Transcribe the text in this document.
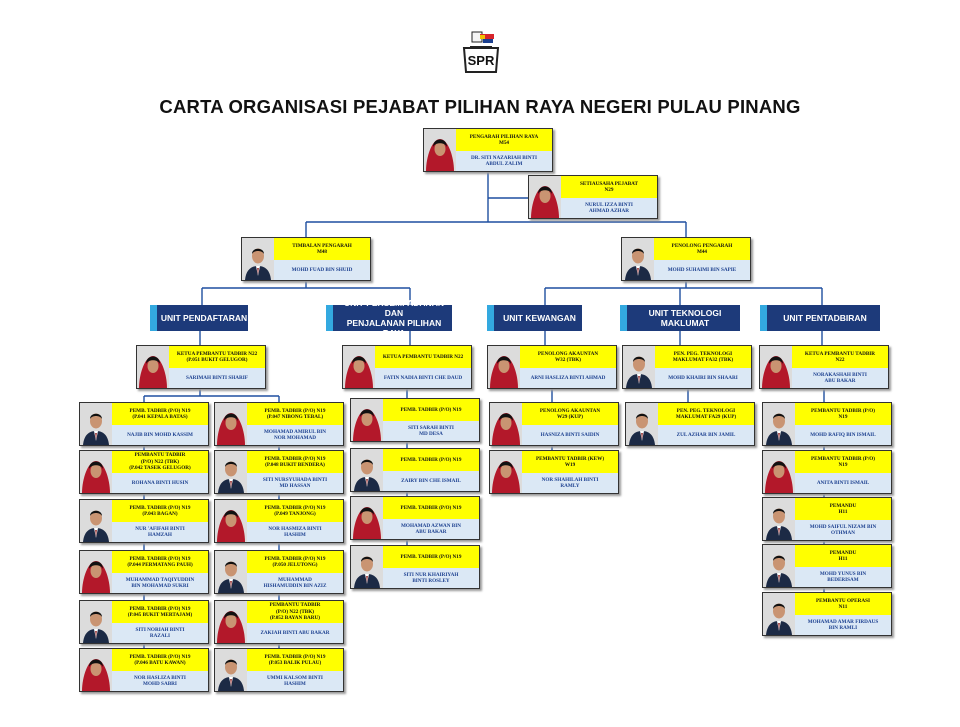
SPR
CARTA ORGANISASI PEJABAT PILIHAN RAYA NEGERI PULAU PINANG
PENGARAH PILIHAN RAYA
M54
DR. SITI NAZARIAH BINTI
ABDUL ZALIM
SETIAUSAHA PEJABAT
N29
NURUL IZZA BINTI
AHMAD AZHAR
TIMBALAN PENGARAH
M48
MOHD FUAD BIN SHUID
PENOLONG PENGARAH
M44
MOHD SUHAIMI BIN SAPIE
KETUA PEMBANTU TADBIR N22
(P.051 BUKIT GELUGOR)
SARIMAH BINTI SHARIF
KETUA PEMBANTU TADBIR N22
FATIN NADIA BINTI CHE DAUD
PENOLONG AKAUNTAN
W32 (TBK)
ARNI HASLIZA BINTI AHMAD
PEN. PEG. TEKNOLOGI
MAKLUMAT FA32 (TBK)
MOHD KHAIRI BIN SHAARI
KETUA PEMBANTU TADBIR
N22
NORAKASHAH BINTI
ABU BAKAR
PEMB. TADBIR (P/O) N19
(P.041 KEPALA BATAS)
NAJIB BIN MOHD KASSIM
PEMBANTU TADBIR
(P/O) N22 (TBK)
(P.042 TASEK GELUGOR)
ROHANA BINTI HUSIN
PEMB. TADBIR (P/O) N19
(P.043 BAGAN)
NUR 'AFIFAH BINTI
HAMZAH
PEMB. TADBIR (P/O) N19
(P.044 PERMATANG PAUH)
MUHAMMAD TAQIYUDDIN
BIN MOHAMAD SUKRI
PEMB. TADBIR (P/O) N19
(P.045 BUKIT MERTAJAM)
SITI NORIAH BINTI
RAZALI
PEMB. TADBIR (P/O) N19
(P.046 BATU KAWAN)
NOR HASLIZA BINTI
MOHD SABRI
PEMB. TADBIR (P/O) N19
(P.047 NIBONG TEBAL)
MOHAMAD AMIRUL BIN
NOR MOHAMAD
PEMB. TADBIR (P/O) N19
(P.048 BUKIT BENDERA)
SITI NURSYUHADA BINTI
MD HASSAN
PEMB. TADBIR (P/O) N19
(P.049 TANJONG)
NOR HASMIZA BINTI
HASHIM
PEMB. TADBIR (P/O) N19
(P.050 JELUTONG)
MUHAMMAD
HISHAMUDDIN BIN AZIZ
PEMBANTU TADBIR
(P/O) N22 (TBK)
(P.052 BAYAN BARU)
ZAKIAH BINTI ABU BAKAR
PEMB. TADBIR (P/O) N19
(P.053 BALIK PULAU)
UMMI KALSOM BINTI
HASHIM
PEMB. TADBIR (P/O) N19
SITI SARAH BINTI
MD DESA
PEMB. TADBIR (P/O) N19
ZAIRY BIN CHE ISMAIL
PEMB. TADBIR (P/O) N19
MOHAMAD AZWAN BIN
ABU BAKAR
PEMB. TADBIR (P/O) N19
SITI NUR KHAIRIYAH
BINTI ROSLEY
PENOLONG AKAUNTAN
W29 (KUP)
HASNIZA BINTI SAIDIN
PEMBANTU TADBIR (KEW)
W19
NOR SHAHILAH BINTI
RAMLY
PEN. PEG. TEKNOLOGI
MAKLUMAT FA29 (KUP)
ZUL AZHAR BIN JAMIL
PEMBANTU TADBIR (P/O)
N19
MOHD RAFIQ BIN ISMAIL
PEMBANTU TADBIR (P/O)
N19
ANITA BINTI ISMAIL
PEMANDU
H11
MOHD SAIFUL NIZAM BIN
OTHMAN
PEMANDU
H11
MOHD YUNUS BIN
BEDERISAM
PEMBANTU OPERASI
N11
MOHAMAD AMAR FIRDAUS
BIN RAMLI
UNIT PENDAFTARAN
UNIT PERSEMPADANAN DAN
PENJALANAN PILIHAN RAYA
UNIT KEWANGAN	UNIT TEKNOLOGI MAKLUMAT	UNIT PENTADBIRAN
